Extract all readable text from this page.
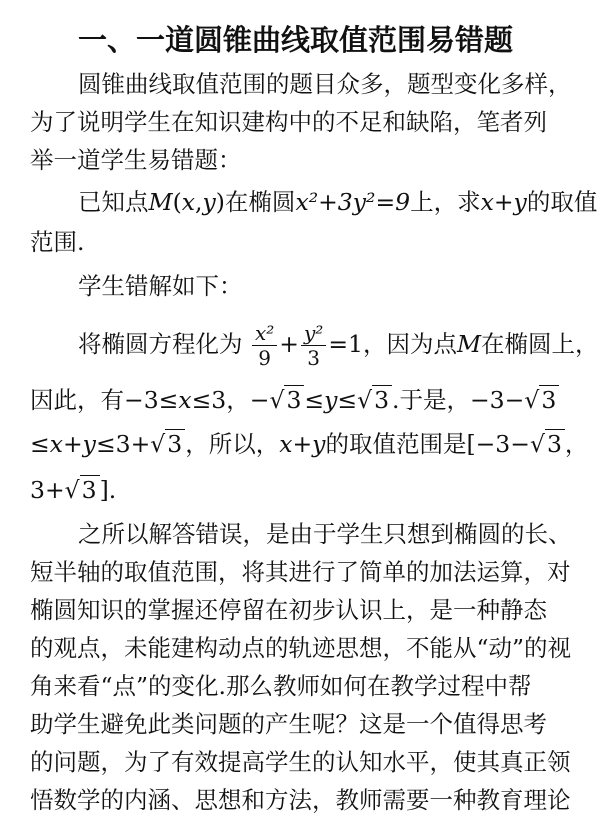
一、一道圆锥曲线取值范围易错题
圆锥曲线取值范围的题目众多，题型变化多样，
为了说明学生在知识建构中的不足和缺陷，笔者列
举一道学生易错题：
已知点M(x,y)在椭圆x²+3y²=9上，求x+y的取值
范围.
学生错解如下：
将椭圆方程化为 $\frac{\text{x²}}{9} + \frac{\text{y²}}{3} =1$，因为点M在椭圆上，
因此，有−3≤x≤3，−√3 ≤y≤√3 .于是，−3−√3
≤x+y≤3+√3 ，所以，x+y的取值范围是[−3−√3 ，
3+√3 ].
之所以解答错误，是由于学生只想到椭圆的长、
短半轴的取值范围，将其进行了简单的加法运算，对
椭圆知识的掌握还停留在初步认识上，是一种静态
的观点，未能建构动点的轨迹思想，不能从“动”的视
角来看“点”的变化.那么教师如何在教学过程中帮
助学生避免此类问题的产生呢？这是一个值得思考
的问题，为了有效提高学生的认知水平，使其真正领
悟数学的内涵、思想和方法，教师需要一种教育理论
